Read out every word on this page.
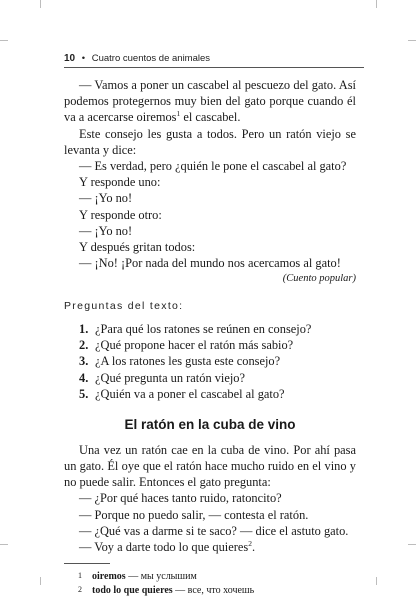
10 • Cuatro cuentos de animales

— Vamos a poner un cascabel al pescuezo del gato. Así podemos protegernos muy bien del gato porque cuando él va a acercarse oiremos$^1$ el cascabel.

Este consejo les gusta a todos. Pero un ratón viejo se levanta y dice:

— Es verdad, pero ¿quién le pone el cascabel al gato?

Y responde uno:

— ¡Yo no!

Y responde otro:

— ¡Yo no!

Y después gritan todos:

— ¡No! ¡Por nada del mundo nos acercamos al gato!

(Cuento popular)

Preguntas del texto:

1. ¿Para qué los ratones se reúnen en consejo?
2. ¿Qué propone hacer el ratón más sabio?
3. ¿A los ratones les gusta este consejo?
4. ¿Qué pregunta un ratón viejo?
5. ¿Quién va a poner el cascabel al gato?

El ratón en la cuba de vino

Una vez un ratón cae en la cuba de vino. Por ahí pasa un gato. Él oye que el ratón hace mucho ruido en el vino y no puede salir. Entonces el gato pregunta:

— ¿Por qué haces tanto ruido, ratoncito?

— Porque no puedo salir, — contesta el ratón.

— ¿Qué vas a darme si te saco? — dice el astuto gato.

— Voy a darte todo lo que quieres$^2$.

1	oiremos — мы услышим
2	todo lo que quieres — все, что хочешь
